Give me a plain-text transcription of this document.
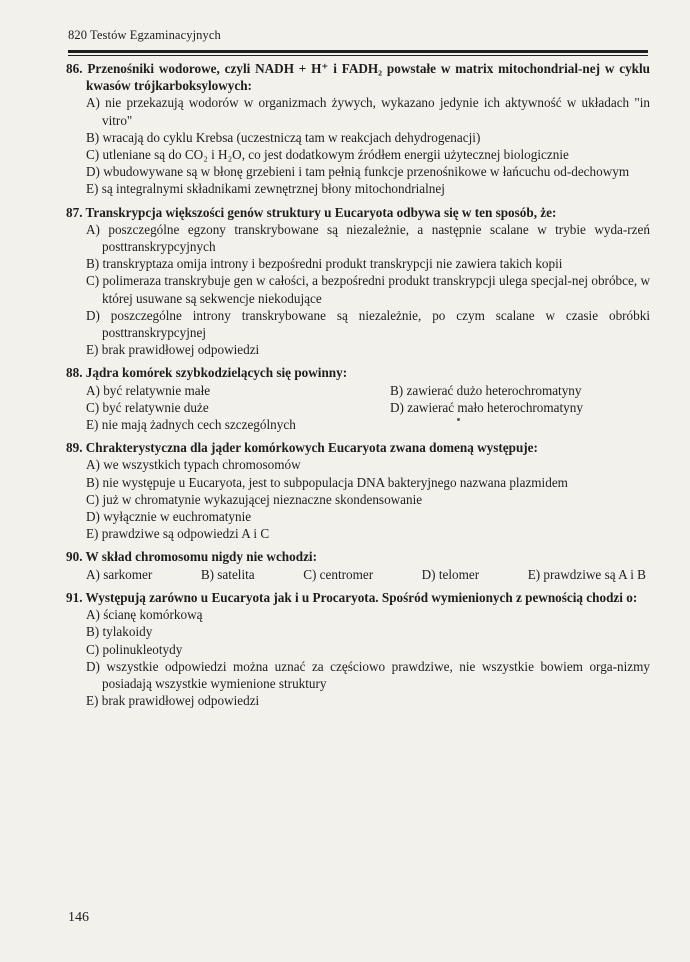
820 Testów Egzaminacyjnych
86. Przenośniki wodorowe, czyli NADH + H⁺ i FADH₂ powstałe w matrix mitochondrial-nej w cyklu kwasów trójkarboksylowych:
A) nie przekazują wodorów w organizmach żywych, wykazano jedynie ich aktywność w układach "in vitro"
B) wracają do cyklu Krebsa (uczestniczą tam w reakcjach dehydrogenacji)
C) utleniane są do CO₂ i H₂O, co jest dodatkowym źródłem energii użytecznej biologicznie
D) wbudowywane są w błonę grzebieni i tam pełnią funkcje przenośnikowe w łańcuchu od-dechowym
E) są integralnymi składnikami zewnętrznej błony mitochondrialnej
87. Transkrypcja większości genów struktury u Eucaryota odbywa się w ten sposób, że:
A) poszczególne egzony transkrybowane są niezależnie, a następnie scalane w trybie wyda-rzeń posttranskrypcyjnych
B) transkryptaza omija introny i bezpośredni produkt transkrypcji nie zawiera takich kopii
C) polimeraza transkrybuje gen w całości, a bezpośredni produkt transkrypcji ulega specjal-nej obróbce, w której usuwane są sekwencje niekodujące
D) poszczególne introny transkrybowane są niezależnie, po czym scalane w czasie obróbki posttranskrypcyjnej
E) brak prawidłowej odpowiedzi
88. Jądra komórek szybkodzielących się powinny:
A) być relatywnie małe	B) zawierać dużo heterochromatyny
C) być relatywnie duże	D) zawierać mało heterochromatyny
E) nie mają żadnych cech szczególnych
89. Chrakterystyczna dla jąder komórkowych Eucaryota zwana domeną występuje:
A) we wszystkich typach chromosomów
B) nie występuje u Eucaryota, jest to subpopulacja DNA bakteryjnego nazwana plazmidem
C) już w chromatynie wykazującej nieznaczne skondensowanie
D) wyłącznie w euchromatynie
E) prawdziwe są odpowiedzi A i C
90. W skład chromosomu nigdy nie wchodzi:
A) sarkomer	B) satelita	C) centromer	D) telomer	E) prawdziwe są A i B
91. Występują zarówno u Eucaryota jak i u Procaryota. Spośród wymienionych z pewnością chodzi o:
A) ścianę komórkową
B) tylakoidy
C) polinukleotydy
D) wszystkie odpowiedzi można uznać za częściowo prawdziwe, nie wszystkie bowiem orga-nizmy posiadają wszystkie wymienione struktury
E) brak prawidłowej odpowiedzi
146
